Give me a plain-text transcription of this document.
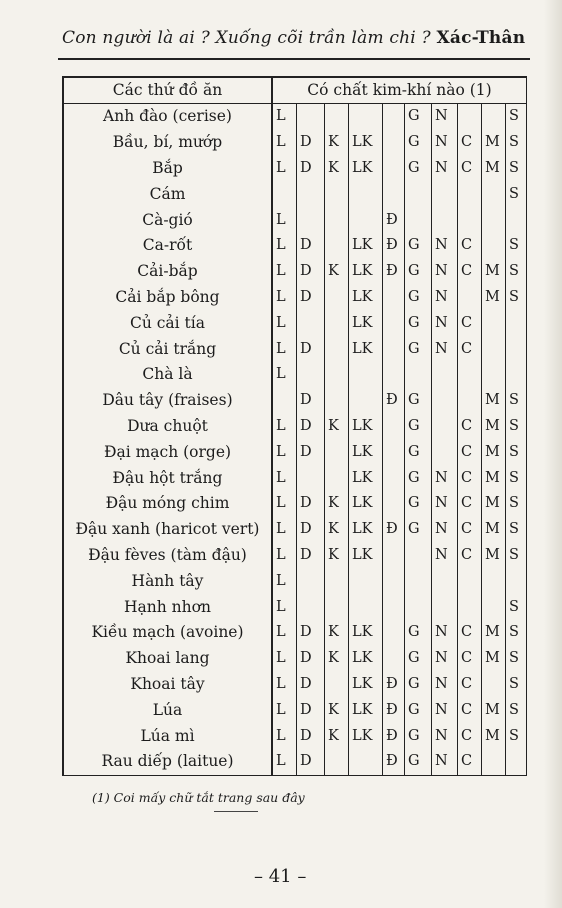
Con người là ai ? Xuống cõi trần làm chi ? Xác-Thân
Các thứ đồ ăn	Có chất kim-khí nào (1)									
Anh đào (cerise)	L					G	N			S
Bầu, bí, mướp	L	D	K	LK		G	N	C	M	S
Bắp	L	D	K	LK		G	N	C	M	S
Cám										S
Cà-gió	L				Đ					
Ca-rốt	L	D		LK	Đ	G	N	C		S
Cải-bắp	L	D	K	LK	Đ	G	N	C	M	S
Cải bắp bông	L	D		LK		G	N		M	S
Củ cải tía	L			LK		G	N	C		
Củ cải trắng	L	D		LK		G	N	C		
Chà là	L									
Dâu tây (fraises)		D			Đ	G			M	S
Dưa chuột	L	D	K	LK		G		C	M	S
Đại mạch (orge)	L	D		LK		G		C	M	S
Đậu hột trắng	L			LK		G	N	C	M	S
Đậu móng chim	L	D	K	LK		G	N	C	M	S
Đậu xanh (haricot vert)	L	D	K	LK	Đ	G	N	C	M	S
Đậu fèves (tàm đậu)	L	D	K	LK			N	C	M	S
Hành tây	L									
Hạnh nhơn	L									S
Kiều mạch (avoine)	L	D	K	LK		G	N	C	M	S
Khoai lang	L	D	K	LK		G	N	C	M	S
Khoai tây	L	D		LK	Đ	G	N	C		S
Lúa	L	D	K	LK	Đ	G	N	C	M	S
Lúa mì	L	D	K	LK	Đ	G	N	C	M	S
Rau diếp (laitue)	L	D			Đ	G	N	C		
(1) Coi mấy chữ tắt trang sau đây
– 41 –
